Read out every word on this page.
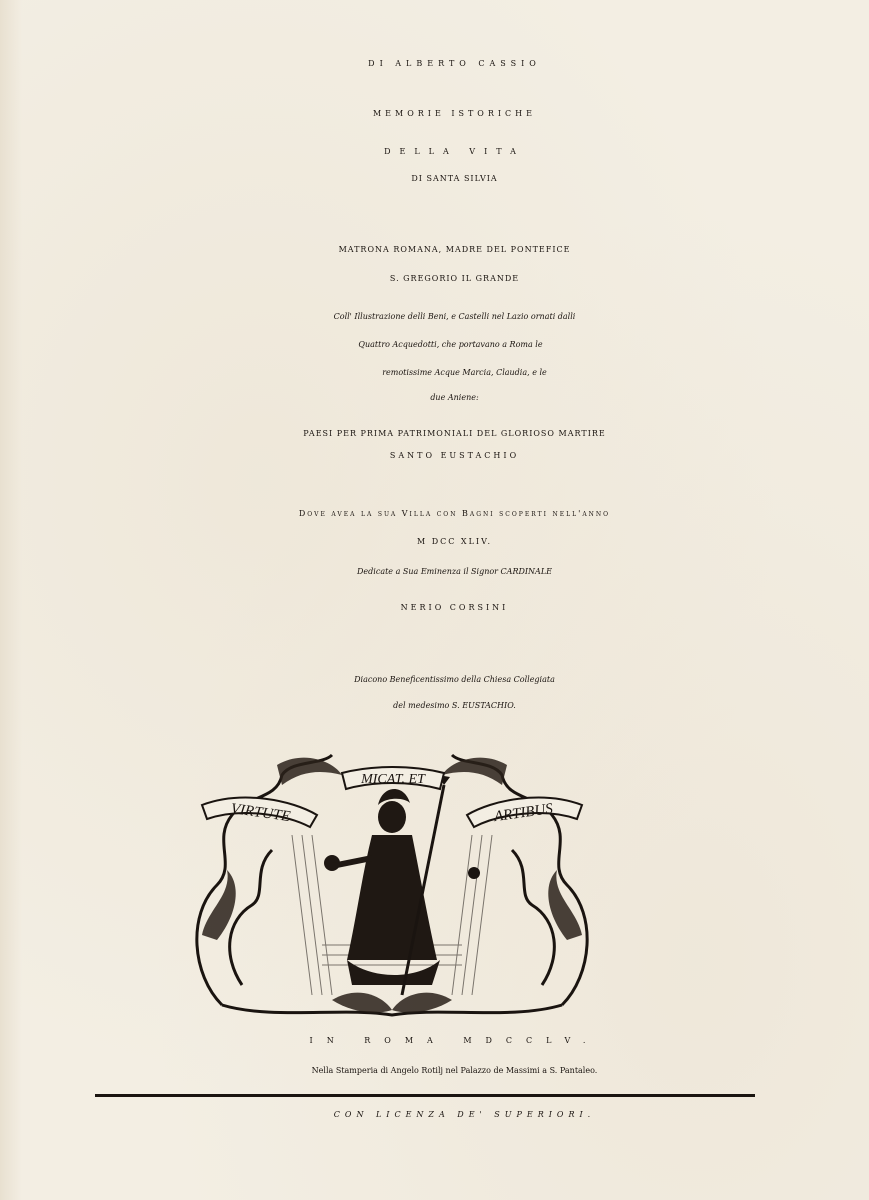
DI ALBERTO CASSIO
MEMORIE ISTORICHE
DELLA VITA
DI SANTA SILVIA
MATRONA ROMANA, MADRE DEL PONTEFICE
S. GREGORIO IL GRANDE
Coll' Illustrazione delli Beni, e Castelli nel Lazio ornati dalli
Quattro Acquedotti, che portavano a Roma le
remotissime Acque Marcia, Claudia, e le
due Aniene:
PAESI PER PRIMA PATRIMONIALI DEL GLORIOSO MARTIRE
SANTO EUSTACHIO
Dove avea la sua Villa con Bagni scoperti nell'anno
M DCC XLIV.
Dedicate a Sua Eminenza il Signor CARDINALE
NERIO CORSINI
Diacono Beneficentissimo della Chiesa Collegiata
del medesimo S. EUSTACHIO.
VIRTUTE
MICAT. ET
ARTIBUS
IN ROMA MDCCLV.
Nella Stamperia di Angelo Rotilj nel Palazzo de Massimi a S. Pantaleo.
CON LICENZA DE' SUPERIORI.
